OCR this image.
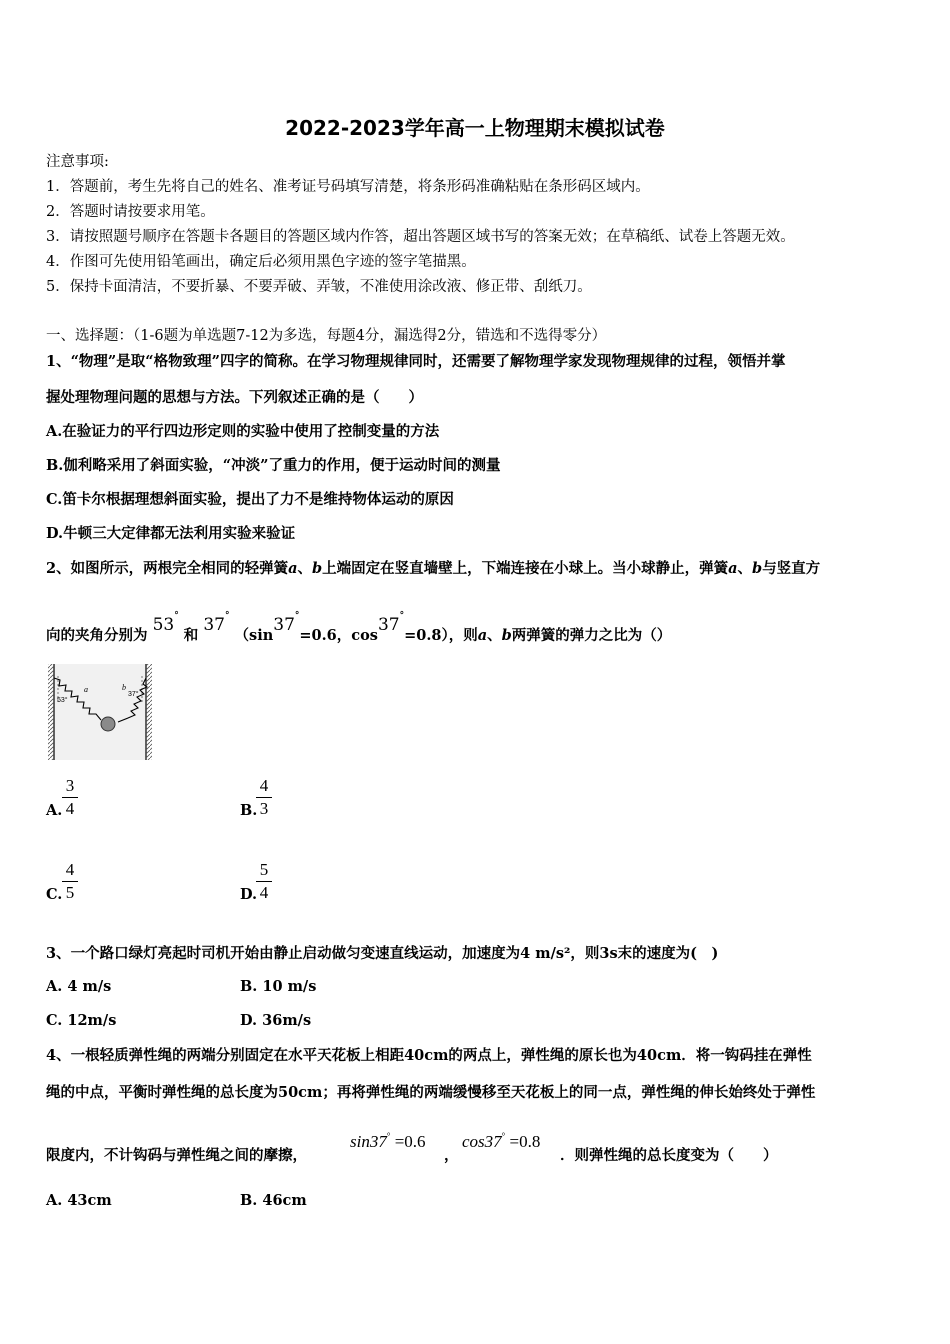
2022-2023学年高一上物理期末模拟试卷
注意事项:
1．答题前，考生先将自己的姓名、准考证号码填写清楚，将条形码准确粘贴在条形码区域内。
2．答题时请按要求用笔。
3．请按照题号顺序在答题卡各题目的答题区域内作答，超出答题区域书写的答案无效；在草稿纸、试卷上答题无效。
4．作图可先使用铅笔画出，确定后必须用黑色字迹的签字笔描黑。
5．保持卡面清洁，不要折暴、不要弄破、弄皱，不准使用涂改液、修正带、刮纸刀。
一、选择题：（1-6题为单选题7-12为多选，每题4分，漏选得2分，错选和不选得零分）
1、“物理”是取“格物致理”四字的简称。在学习物理规律同时，还需要了解物理学家发现物理规律的过程，领悟并掌
握处理物理问题的思想与方法。下列叙述正确的是（　　）
A.在验证力的平行四边形定则的实验中使用了控制变量的方法
B.伽利略采用了斜面实验，“冲淡”了重力的作用，便于运动时间的测量
C.笛卡尔根据理想斜面实验，提出了力不是维持物体运动的原因
D.牛顿三大定律都无法利用实验来验证
2、如图所示，两根完全相同的轻弹簧a、b上端固定在竖直墙壁上，下端连接在小球上。当小球静止，弹簧a、b与竖直方
向的夹角分别为 53° 和 37° （sin37°=0.6，cos37°=0.8），则a、b两弹簧的弹力之比为（）
a	b
53°
37°
A.
3
4	B.
4
3
C.
4
5	D.
5
4
3、一个路口绿灯亮起时司机开始由静止启动做匀变速直线运动，加速度为4 m/s²，则3s末的速度为(　)
A. 4 m/s	B. 10 m/s
C. 12m/s	D. 36m/s
4、一根轻质弹性绳的两端分别固定在水平天花板上相距40cm的两点上，弹性绳的原长也为40cm．将一钩码挂在弹性
绳的中点，平衡时弹性绳的总长度为50cm；再将弹性绳的两端缓慢移至天花板上的同一点，弹性绳的伸长始终处于弹性
限度内，不计钩码与弹性绳之间的摩擦，
sin37° =0.6
，
cos37° =0.8
．则弹性绳的总长度变为（　　）
A. 43cm	B. 46cm
